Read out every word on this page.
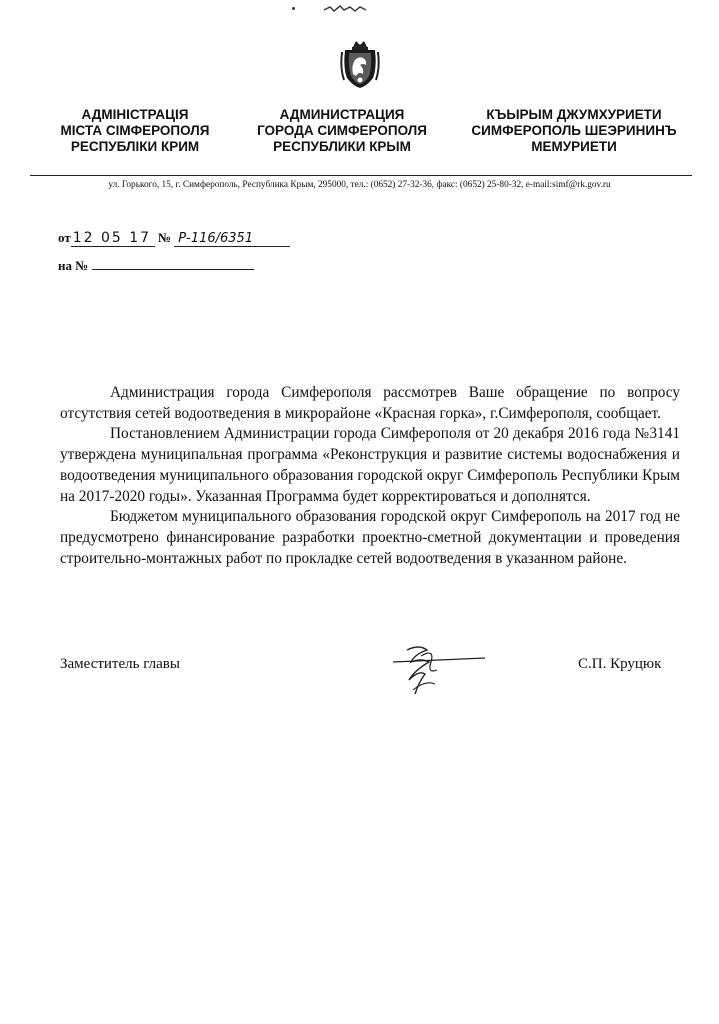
АДМІНІСТРАЦІЯ
МІСТА СІМФЕРОПОЛЯ
РЕСПУБЛІКИ КРИМ
АДМИНИСТРАЦИЯ
ГОРОДА СИМФЕРОПОЛЯ
РЕСПУБЛИКИ КРЫМ
КЪЫРЫМ ДЖУМХУРИЕТИ
СИМФЕРОПОЛЬ ШЕЭРИНИНЪ
МЕМУРИЕТИ
ул. Горького, 15, г. Симферополь, Республика Крым, 295000, тел.: (0652) 27-32-36, факс: (0652) 25-80-32, e-mail:simf@rk.gov.ru
от 12 05 17 № Р-116/6351
на №

Администрация города Симферополя рассмотрев Ваше обращение по вопросу отсутствия сетей водоотведения в микрорайоне «Красная горка», г.Симферополя, сообщает.

Постановлением Администрации города Симферополя от 20 декабря 2016 года №3141 утверждена муниципальная программа «Реконструкция и развитие системы водоснабжения и водоотведения муниципального образования городской округ Симферополь Республики Крым на 2017-2020 годы». Указанная Программа будет корректироваться и дополнятся.

Бюджетом муниципального образования городской округ Симферополь на 2017 год не предусмотрено финансирование разработки проектно-сметной документации и проведения строительно-монтажных работ по прокладке сетей водоотведения в указанном районе.

Заместитель главы	С.П. Круцюк
